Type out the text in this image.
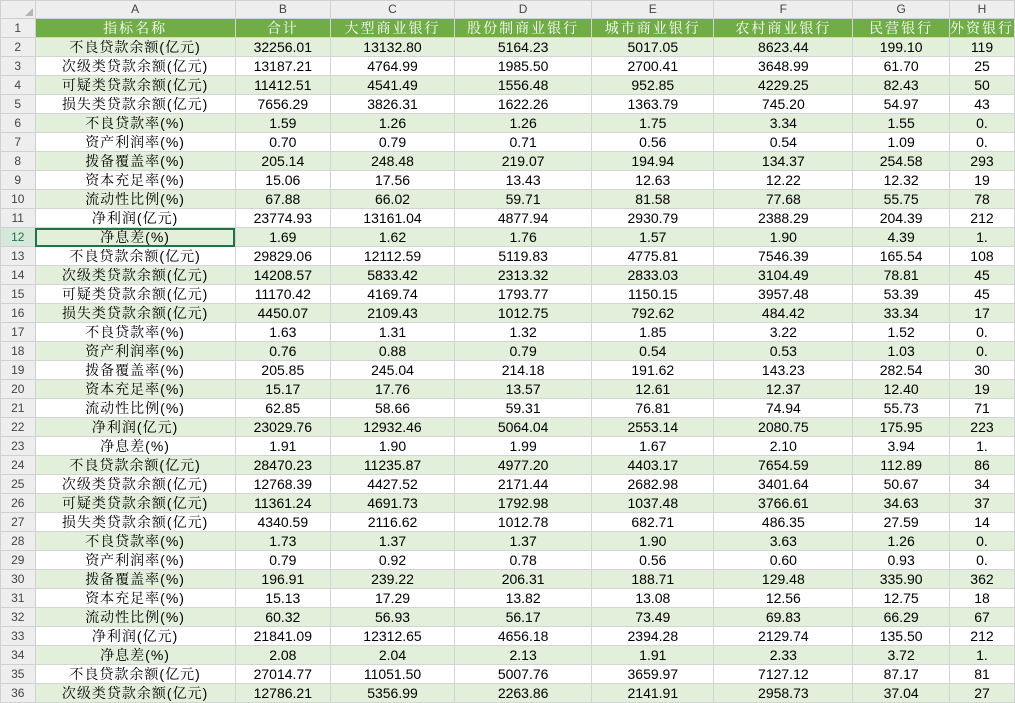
	A	B	C	D	E	F	G	H
1	指标名称	合计	大型商业银行	股份制商业银行	城市商业银行	农村商业银行	民营银行	外资银行
2	不良贷款余额(亿元)	32256.01	13132.80	5164.23	5017.05	8623.44	199.10	119
3	次级类贷款余额(亿元)	13187.21	4764.99	1985.50	2700.41	3648.99	61.70	25
4	可疑类贷款余额(亿元)	11412.51	4541.49	1556.48	952.85	4229.25	82.43	50
5	损失类贷款余额(亿元)	7656.29	3826.31	1622.26	1363.79	745.20	54.97	43
6	不良贷款率(%)	1.59	1.26	1.26	1.75	3.34	1.55	0.
7	资产利润率(%)	0.70	0.79	0.71	0.56	0.54	1.09	0.
8	拨备覆盖率(%)	205.14	248.48	219.07	194.94	134.37	254.58	293
9	资本充足率(%)	15.06	17.56	13.43	12.63	12.22	12.32	19
10	流动性比例(%)	67.88	66.02	59.71	81.58	77.68	55.75	78
11	净利润(亿元)	23774.93	13161.04	4877.94	2930.79	2388.29	204.39	212
12	净息差(%)	1.69	1.62	1.76	1.57	1.90	4.39	1.
13	不良贷款余额(亿元)	29829.06	12112.59	5119.83	4775.81	7546.39	165.54	108
14	次级类贷款余额(亿元)	14208.57	5833.42	2313.32	2833.03	3104.49	78.81	45
15	可疑类贷款余额(亿元)	11170.42	4169.74	1793.77	1150.15	3957.48	53.39	45
16	损失类贷款余额(亿元)	4450.07	2109.43	1012.75	792.62	484.42	33.34	17
17	不良贷款率(%)	1.63	1.31	1.32	1.85	3.22	1.52	0.
18	资产利润率(%)	0.76	0.88	0.79	0.54	0.53	1.03	0.
19	拨备覆盖率(%)	205.85	245.04	214.18	191.62	143.23	282.54	30
20	资本充足率(%)	15.17	17.76	13.57	12.61	12.37	12.40	19
21	流动性比例(%)	62.85	58.66	59.31	76.81	74.94	55.73	71
22	净利润(亿元)	23029.76	12932.46	5064.04	2553.14	2080.75	175.95	223
23	净息差(%)	1.91	1.90	1.99	1.67	2.10	3.94	1.
24	不良贷款余额(亿元)	28470.23	11235.87	4977.20	4403.17	7654.59	112.89	86
25	次级类贷款余额(亿元)	12768.39	4427.52	2171.44	2682.98	3401.64	50.67	34
26	可疑类贷款余额(亿元)	11361.24	4691.73	1792.98	1037.48	3766.61	34.63	37
27	损失类贷款余额(亿元)	4340.59	2116.62	1012.78	682.71	486.35	27.59	14
28	不良贷款率(%)	1.73	1.37	1.37	1.90	3.63	1.26	0.
29	资产利润率(%)	0.79	0.92	0.78	0.56	0.60	0.93	0.
30	拨备覆盖率(%)	196.91	239.22	206.31	188.71	129.48	335.90	362
31	资本充足率(%)	15.13	17.29	13.82	13.08	12.56	12.75	18
32	流动性比例(%)	60.32	56.93	56.17	73.49	69.83	66.29	67
33	净利润(亿元)	21841.09	12312.65	4656.18	2394.28	2129.74	135.50	212
34	净息差(%)	2.08	2.04	2.13	1.91	2.33	3.72	1.
35	不良贷款余额(亿元)	27014.77	11051.50	5007.76	3659.97	7127.12	87.17	81
36	次级类贷款余额(亿元)	12786.21	5356.99	2263.86	2141.91	2958.73	37.04	27
